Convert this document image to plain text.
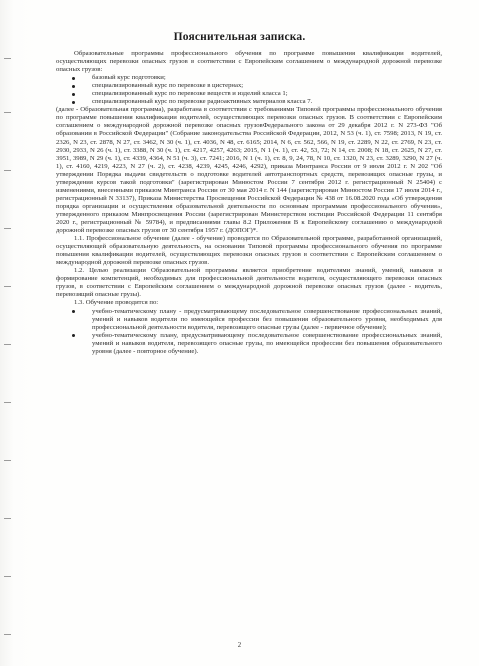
Пояснительная записка.

Образовательные программы профессионального обучения по программе повышения квалификации водителей, осуществляющих перевозки опасных грузов в соответствии с Европейским соглашением о международной дорожной перевозке опасных грузов:

базовый курс подготовки;
специализированный курс по перевозке в цистернах;
специализированный курс по перевозке веществ и изделий класса 1;
специализированный курс по перевозке радиоактивных материалов класса 7.

(далее - Образовательная программа), разработана в соответствии с требованиями Типовой программы профессионального обучения по программе повышения квалификации водителей, осуществляющих перевозки опасных грузов. В соответствии с Европейским соглашением о международной дорожной перевозке опасных грузовФедерального закона от 29 декабря 2012 г. N 273-ФЗ "Об образовании в Российской Федерации" (Собрание законодательства Российской Федерации, 2012, N 53 (ч. 1), ст. 7598; 2013, N 19, ст. 2326, N 23, ст. 2878, N 27, ст. 3462, N 30 (ч. 1), ст. 4036, N 48, ст. 6165; 2014, N 6, ст. 562, 566, N 19, ст. 2289, N 22, ст. 2769, N 23, ст. 2930, 2933, N 26 (ч. 1), ст. 3388, N 30 (ч. 1), ст. 4217, 4257, 4263; 2015, N 1 (ч. 1), ст. 42, 53, 72; N 14, ст. 2008; N 18, ст. 2625, N 27, ст. 3951, 3989, N 29 (ч. 1), ст. 4339, 4364, N 51 (ч. 3), ст. 7241; 2016, N 1 (ч. 1), ст. 8, 9, 24, 78, N 10, ст. 1320, N 23, ст. 3289, 3290, N 27 (ч. 1), ст. 4160, 4219, 4223, N 27 (ч. 2), ст. 4238, 4239, 4245, 4246, 4292), приказа Минтранса России от 9 июля 2012 г. N 202 "Об утверждении Порядка выдачи свидетельств о подготовке водителей автотранспортных средств, перевозящих опасные грузы, и утверждения курсов такой подготовки" (зарегистрирован Минюстом России 7 сентября 2012 г. регистрационный N 25404) с изменениями, внесенными приказом Минтранса России от 30 мая 2014 г. N 144 (зарегистрирован Минюстом России 17 июля 2014 г., регистрационный N 33137), Приказа Министерства Просвещения Российской Федерации № 438 от 16.08.2020 года «Об утверждения порядка организации и осуществления образовательной деятельности по основным программам профессионального обучения», утвержденного приказом Минпросвещения России (зарегистрирован Министерством юстиции Российской Федерации 11 сентября 2020 г., регистрационный № 59784), и предписаниями главы 8.2 Приложения В к Европейскому соглашению о международной дорожной перевозке опасных грузов от 30 сентября 1957 г. (ДОПОГ)*.

1.1. Профессиональное обучение (далее - обучение) проводится по Образовательной программе, разработанной организацией, осуществляющей образовательную деятельность, на основании Типовой программы профессионального обучения по программе повышения квалификации водителей, осуществляющих перевозки опасных грузов в соответствии с Европейским соглашением о международной дорожной перевозке опасных грузов.

1.2. Целью реализации Образовательной программы является приобретение водителями знаний, умений, навыков и формирование компетенций, необходимых для профессиональной деятельности водителя, осуществляющего перевозки опасных грузов, в соответствии с Европейским соглашением о международной дорожной перевозке опасных грузов (далее - водитель, перевозящий опасные грузы).

1.3. Обучение проводится по:

учебно-тематическому плану - предусматривающему последовательное совершенствование профессиональных знаний, умений и навыков водители по имеющейся профессии без повышения образовательного уровня, необходимых для профессиональной деятельности водителя, перевозящего опасные грузы (далее - первичное обучение);
учебно-тематическому плану, предусматривающему последовательное совершенствование профессиональных знаний, умений и навыков водителя, перевозящего опасные грузы, по имеющейся профессии без повышения образовательного уровня (далее - повторное обучение).
2
